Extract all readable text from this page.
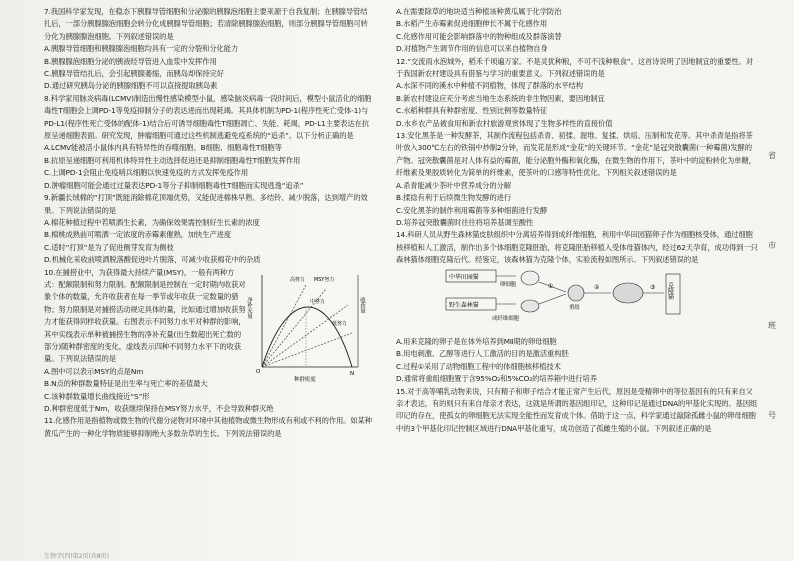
7.我国科学家发现，在稳态下胰腺导管细胞和分泌腺的胰腺泡细胞主要来源于自我复制；在胰腺导管结扎后，一部分胰腺腺泡细胞会转分化成胰腺导管细胞；若清除胰腺腺泡细胞，则部分胰腺导管细胞可转分化为胰腺腺泡细胞。下列叙述错误的是

A.胰腺导管细胞和胰腺腺泡细胞均具有一定的分裂和分化能力

B.胰腺腺泡细胞分泌的胰液经导管进入血浆中发挥作用

C.胰腺导管结扎后，会引起胰腺萎缩，而胰岛却保持完好

D.通过研究胰岛分泌的胰腺细胞不可以直接提取胰岛素

8.科学家用脉炎病毒(LCMV)制造出慢性感染模型小鼠，感染脑炎病毒一段时间后，模型小鼠活化的细胞毒性T细胞会上调PD-1等免疫抑制分子的表达进而出现耗竭。其具体机制为PD-1(程序性死亡受体-1)与PD-L1(程序性死亡受体的配体-1)结合后可诱导细胞毒性T细胞凋亡、失能、耗竭，PD-L1主要表达在抗原呈递细胞表面。研究发现，肿瘤细胞可通过这些机制逃避免疫系统的“追杀”。以下分析正确的是

A.LCMV能被活小鼠体内具有特异性的吞噬细胞、B细胞、细胞毒性T细胞等

B.抗原呈递细胞可利用机体特异性主动选择促进还是抑制细胞毒性T细胞发挥作用

C.上调PD-1会阻止免疫哨兵细胞以快速免疫的方式发挥免疫作用

D.肿瘤细胞可能会通过过量表达PD-1等分子抑制细胞毒性T细胞而实现逃逸“追杀”

9.新疆长绒棉的“打顶”既能消除棉花顶端优势，又能促进棉株早熟、多结铃、减少脱落，达到增产的效果。下列说法错误的是

A.棉花种植过程中若喷洒生长素，为确保效果需控制好生长素的浓度

B.棉桃成熟前可喷洒一定浓度的赤霉素催熟，加快生产进度

C.适时“打顶”是为了促进侧芽发育为侧枝

D.机械化采收前喷洒脱落酸促进叶片脱落，可减少收获棉花中的杂质

10.在捕捞业中，为获得最大持续产量(MSY)，一般有两种方式：配额限制和努力限制。配额限制是控制在一定时期内收获对象个体的数量，允许收获者在每一季节或年收获一定数量的猎物；努力限制是对捕捞活动规定具体的量，比如通过增加收获努力才能获得同样收获量。右图表示不同努力水平对种群的影响，其中实线表示单种被捕捞生物的净补充量(出生数超出死亡数的部分)随种群密度的变化，虚线表示四种不同努力水平下的收获量。下列说法错误的是

净补充量	收获量
种群密度
O	N
高努力 MSY努力
低努力
中努力

A.图中可以表示MSY的点是Nm

B.N点的种群数量特征是出生率与死亡率的差值最大

C.该种群数量增长曲线接近“S”形

D.种群密度低于Nm，收获继续保持在MSY努力水平，不会导致种群灭绝

11.化感作用是指植物或微生物的代谢分泌物对环境中其他植物或微生物形成有利或不利的作用。如某种黄瓜产生的一种化学物质能够抑制绝大多数杂草的生长。下列说法错误的是

A.在需要除草的地块适当种植该种黄瓜属于化学防治

B.水稻产生赤霉素促进细胞伸长不属于化感作用

C.化感作用可能会影响群落中的物种组成及群落演替

D.对植物产生调节作用的信息可以来自植物自身

12.“交流雨水泡城外，稻禾千顷遍万家。不是灵犹种粮，不可不浅种粮食”。这首诗说明了因地制宜的重要性。对于我国新农村建设具有借鉴与学习的重要意义。下列叙述错误的是

A.水深不同的溪水中种植不同植物，体现了群落的水平结构

B.新农村建设应充分考虑当地生态系统的非生物因素，要因地制宜

C.水稻种群具有种群密度、性别比例等数量特征

D.水乡农产品被食用和新农村旅游观赏体现了生物多样性的直接价值

13.安化黑茶是一种发酵茶，其制作流程包括杀青、初揉、渥堆、复揉、烘焙、压制和发花等。其中杀青是指将茶叶放入300℃左右的铁锅中炒制2分钟，而发花是形成“金花”的关键环节。“金花”是冠突散囊菌(一种霉菌)发酵的产物。冠突散囊菌是对人体有益的霉菌，能分泌胞外酶和氧化酶，在微生物的作用下，茶叶中的淀粉转化为单糖，纤维素及果胶质转化为简单的纤维素，使茶叶的口感等特性优化。下列相关叙述错误的是

A.杀青能减少茶叶中营养成分的分解

B.揉捻有利于后续微生物发酵的进行

C.安化黑茶的制作利用霉菌等多种细菌进行发酵

D.培养冠突散囊菌时往往将培养基调至酸性

14.科研人员从野生森林猫皮肤组织中分离培养得到成纤维细胞，利用中华田园猫卵子作为细胞核受体，通过细胞核移植和人工激活，制作出多个体细胞克隆胚胎，将克隆胚胎移植入受体母猫体内，经过62天孕育，成功得到一只森林猫体细胞克隆后代。经鉴定，该森林猫为克隆个体，实验流程如图所示。下列叙述错误的是

中华田园猫
卵细胞
野生森林猫
成纤维细胞
①
重组
②	③ 克隆猫

A.用来克隆的卵子是在体外培养到MⅡ期的卵母细胞

B.用电刺激、乙醇等进行人工激活的目的是激活重构胚

C.过程①采用了动物细胞工程中的体细胞核移植技术

D.通常将重组细胞置于含95%O₂和5%CO₂的培养箱中进行培养

15.对于高等哺乳动物来说，只有精子和卵子结合才能正常产生后代，原因是受精卵中的等位基因有的只有来自父亲才表达，有的则只有来自母亲才表达，这就是所谓的基因组印记，这种印记是通过DNA的甲基化实现的。基因组印记的存在，使孤女的卵细胞无法实现全能性而发育成个体。借助于这一点，科学家通过敲除孤雌小鼠的卵母细胞中的3个甲基化印记控制区域进行DNA甲基化重写，成功创造了孤雌生殖的小鼠。下列叙述正确的是

省
市
班
号
生物学(四)第2页(共8页)
